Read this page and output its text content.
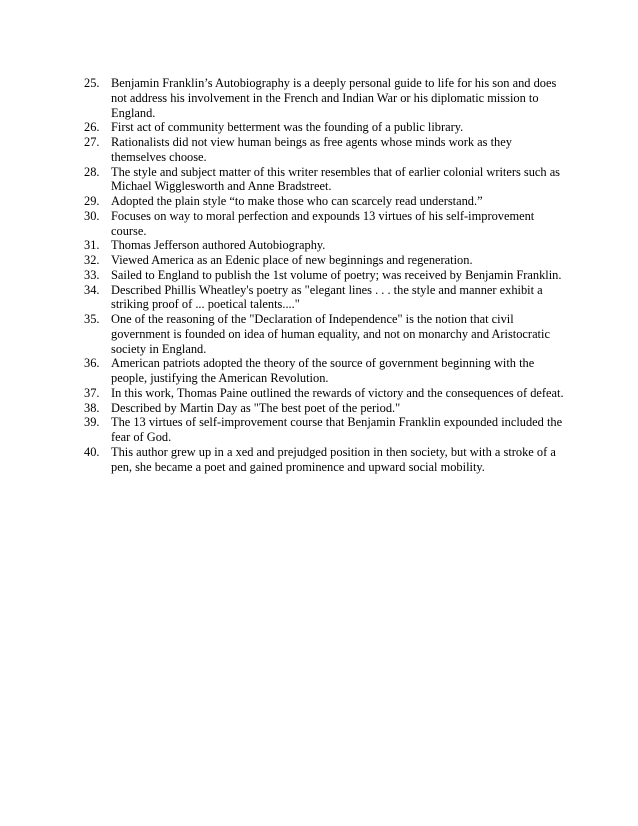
25. Benjamin Franklin’s Autobiography is a deeply personal guide to life for his son and does not address his involvement in the French and Indian War or his diplomatic mission to England.
26. First act of community betterment was the founding of a public library.
27. Rationalists did not view human beings as free agents whose minds work as they themselves choose.
28. The style and subject matter of this writer resembles that of earlier colonial writers such as Michael Wigglesworth and Anne Bradstreet.
29. Adopted the plain style “to make those who can scarcely read understand.”
30. Focuses on way to moral perfection and expounds 13 virtues of his self-improvement course.
31. Thomas Jefferson authored Autobiography.
32. Viewed America as an Edenic place of new beginnings and regeneration.
33. Sailed to England to publish the 1st volume of poetry; was received by Benjamin Franklin.
34. Described Phillis Wheatley's poetry as "elegant lines . . . the style and manner exhibit a striking proof of ... poetical talents...."
35. One of the reasoning of the "Declaration of Independence" is the notion that civil government is founded on idea of human equality, and not on monarchy and Aristocratic society in England.
36. American patriots adopted the theory of the source of government beginning with the people, justifying the American Revolution.
37. In this work, Thomas Paine outlined the rewards of victory and the consequences of defeat.
38. Described by Martin Day as "The best poet of the period."
39. The 13 virtues of self-improvement course that Benjamin Franklin expounded included the fear of God.
40. This author grew up in a xed and prejudged position in then society, but with a stroke of a pen, she became a poet and gained prominence and upward social mobility.
